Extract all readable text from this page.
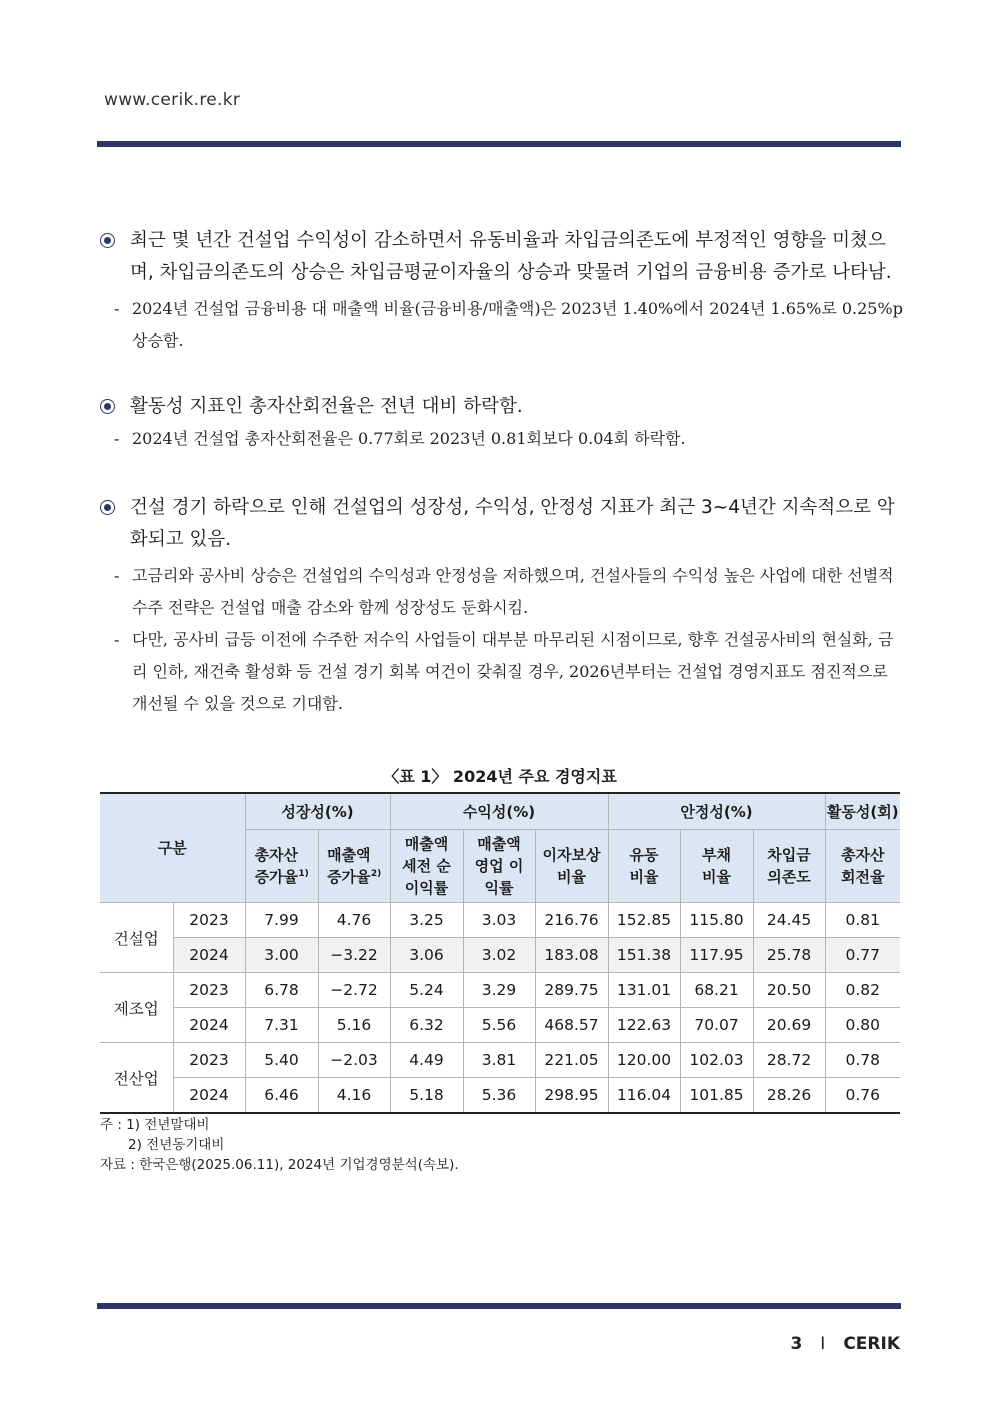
www.cerik.re.kr
최근 몇 년간 건설업 수익성이 감소하면서 유동비율과 차입금의존도에 부정적인 영향을 미쳤으며, 차입금의존도의 상승은 차입금평균이자율의 상승과 맞물려 기업의 금융비용 증가로 나타남.
- 2024년 건설업 금융비용 대 매출액 비율(금융비용/매출액)은 2023년 1.40%에서 2024년 1.65%로 0.25%p 상승함.
활동성 지표인 총자산회전율은 전년 대비 하락함.
- 2024년 건설업 총자산회전율은 0.77회로 2023년 0.81회보다 0.04회 하락함.
건설 경기 하락으로 인해 건설업의 성장성, 수익성, 안정성 지표가 최근 3~4년간 지속적으로 악화되고 있음.
- 고금리와 공사비 상승은 건설업의 수익성과 안정성을 저하했으며, 건설사들의 수익성 높은 사업에 대한 선별적 수주 전략은 건설업 매출 감소와 함께 성장성도 둔화시킴.
- 다만, 공사비 급등 이전에 수주한 저수익 사업들이 대부분 마무리된 시점이므로, 향후 건설공사비의 현실화, 금리 인하, 재건축 활성화 등 건설 경기 회복 여건이 갖춰질 경우, 2026년부터는 건설업 경영지표도 점진적으로 개선될 수 있을 것으로 기대함.
〈표 1〉 2024년 주요 경영지표
구분		성장성(%)		수익성(%)			안정성(%)			활동성(회)
		총자산 증가율$^{1)}$	매출액 증가율$^{2)}$	매출액 세전 순이익률	매출액 영업 이익률	이자보상 비율	유동 비율	부채 비율	차입금 의존도	총자산 회전율
건설업	2023	7.99	4.76	3.25	3.03	216.76	152.85	115.80	24.45	0.81
	2024	3.00	−3.22	3.06	3.02	183.08	151.38	117.95	25.78	0.77
제조업	2023	6.78	−2.72	5.24	3.29	289.75	131.01	68.21	20.50	0.82
	2024	7.31	5.16	6.32	5.56	468.57	122.63	70.07	20.69	0.80
전산업	2023	5.40	−2.03	4.49	3.81	221.05	120.00	102.03	28.72	0.78
	2024	6.46	4.16	5.18	5.36	298.95	116.04	101.85	28.26	0.76
주 : 1) 전년말대비
2) 전년동기대비
자료 : 한국은행(2025.06.11), 2024년 기업경영분석(속보).
3 I CERIK
